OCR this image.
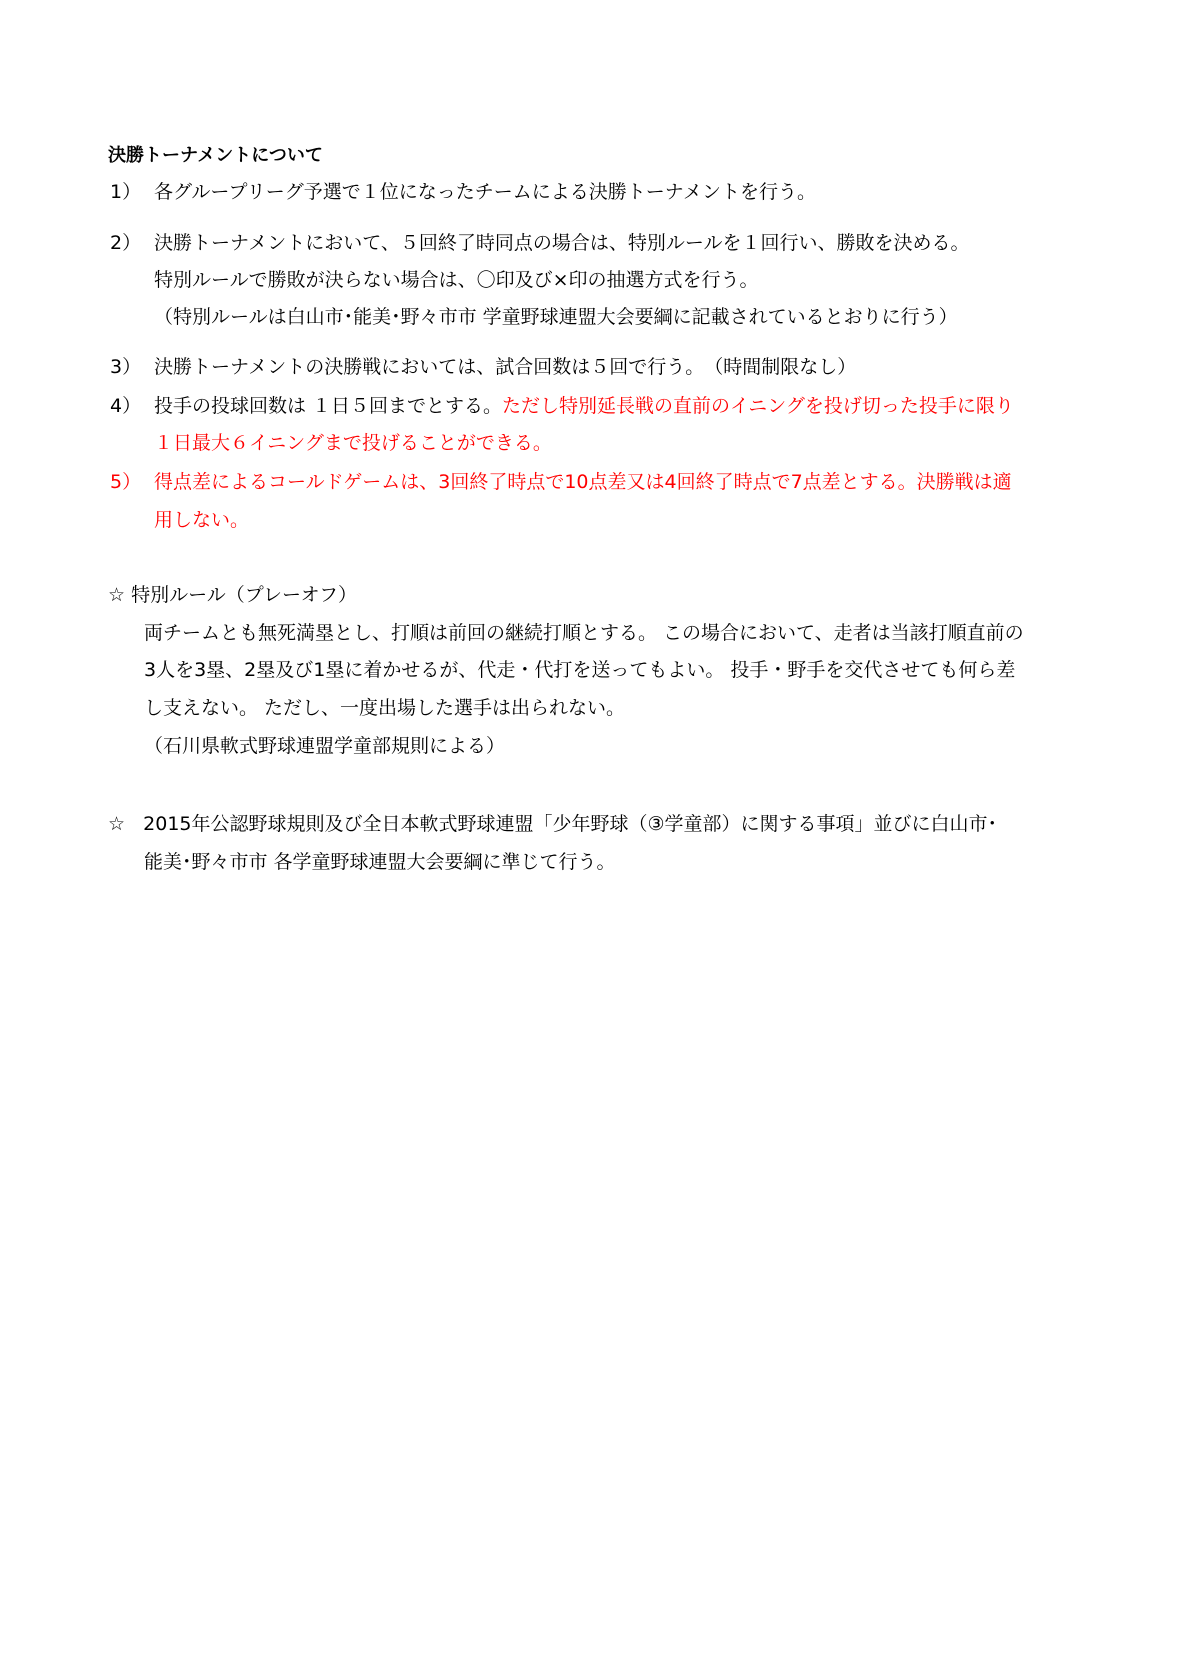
決勝トーナメントについて
1） 各グループリーグ予選で１位になったチームによる決勝トーナメントを行う。
2） 決勝トーナメントにおいて、５回終了時同点の場合は、特別ルールを１回行い、勝敗を決める。
特別ルールで勝敗が決らない場合は、〇印及び×印の抽選方式を行う。
（特別ルールは白山市･能美･野々市市 学童野球連盟大会要綱に記載されているとおりに行う）
3） 決勝トーナメントの決勝戦においては、試合回数は５回で行う。　（時間制限なし）
4） 投手の投球回数は １日５回までとする。ただし特別延長戦の直前のイニングを投げ切った投手に限り
１日最大６イニングまで投げることができる。
5） 得点差によるコールドゲームは、3回終了時点で10点差又は4回終了時点で7点差とする。決勝戦は適
用しない。
☆ 特別ルール（プレーオフ）
両チームとも無死満塁とし、打順は前回の継続打順とする。 この場合において、走者は当該打順直前の
3人を3塁、2塁及び1塁に着かせるが、代走・代打を送ってもよい。 投手・野手を交代させても何ら差
し支えない。 ただし、一度出場した選手は出られない。
（石川県軟式野球連盟学童部規則による）
☆ 2015年公認野球規則及び全日本軟式野球連盟「少年野球（③学童部）に関する事項」並びに白山市･
能美･野々市市 各学童野球連盟大会要綱に準じて行う。
